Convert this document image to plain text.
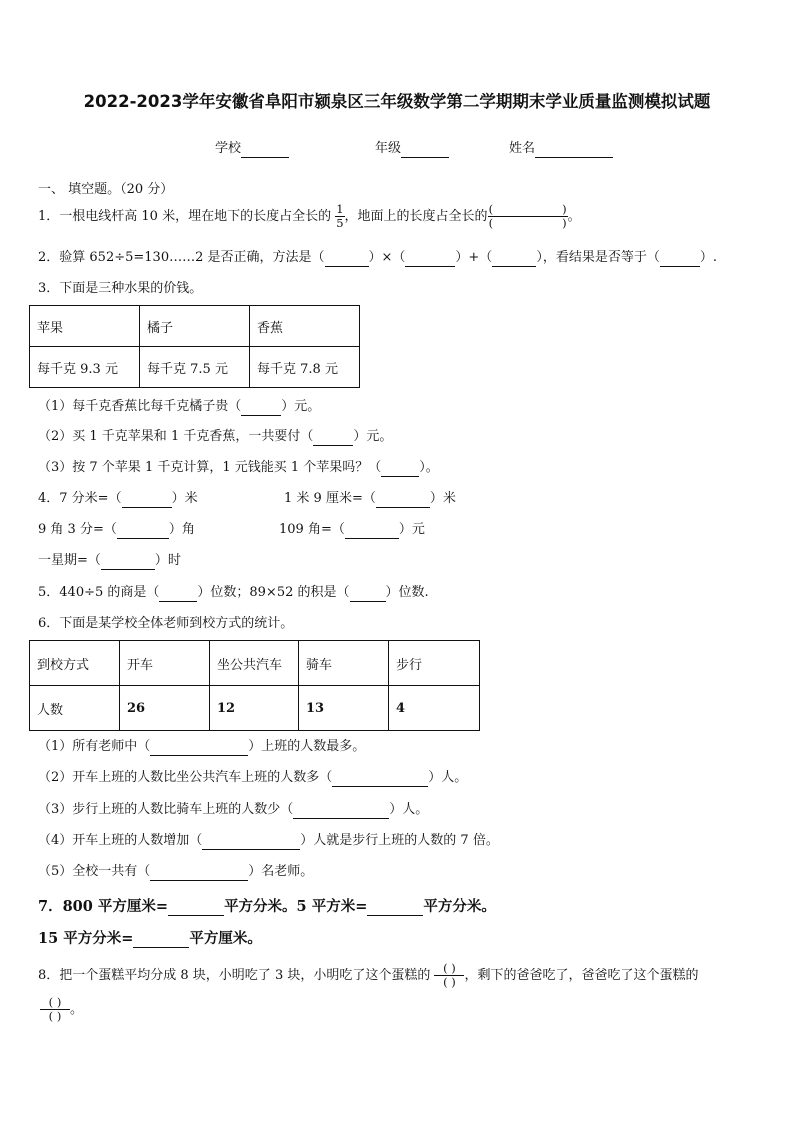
2022-2023学年安徽省阜阳市颍泉区三年级数学第二学期期末学业质量监测模拟试题
学校	年级	姓名
一、 填空题。（20 分）
1．一根电线杆高 10 米，埋在地下的长度占全长的 $\frac{1}{5}$ ，地面上的长度占全长的 (	)
(	) 。
2．验算 652÷5=130……2 是否正确，方法是（	）×（	）+（	），看结果是否等于（	）.
3．下面是三种水果的价钱。
苹果	橘子	香蕉
每千克 9.3 元	每千克 7.5 元	每千克 7.8 元
（1）每千克香蕉比每千克橘子贵（	）元。
（2）买 1 千克苹果和 1 千克香蕉，一共要付（	）元。
（3）按 7 个苹果 1 千克计算，1 元钱能买 1 个苹果吗？（	）。
4．7 分米=（	）米	1 米 9 厘米=（	）米
9 角 3 分=（	）角	109 角=（	）元
一星期=（	）时
5．440÷5 的商是（	）位数；89×52 的积是（	）位数.
6．下面是某学校全体老师到校方式的统计。
到校方式	开车	坐公共汽车	骑车	步行
人数	26	12	13	4
（1）所有老师中（	）上班的人数最多。
（2）开车上班的人数比坐公共汽车上班的人数多（	）人。
（3）步行上班的人数比骑车上班的人数少（	）人。
（4）开车上班的人数增加（	）人就是步行上班的人数的 7 倍。
（5）全校一共有（	）名老师。
7．800 平方厘米=	平方分米。5 平方米=	平方分米。
15 平方分米=	平方厘米。
8．把一个蛋糕平均分成 8 块，小明吃了 3 块，小明吃了这个蛋糕的 $\frac{( )}{( )}$ ，剩下的爸爸吃了，爸爸吃了这个蛋糕的
$\frac{( )}{( )}$ 。
